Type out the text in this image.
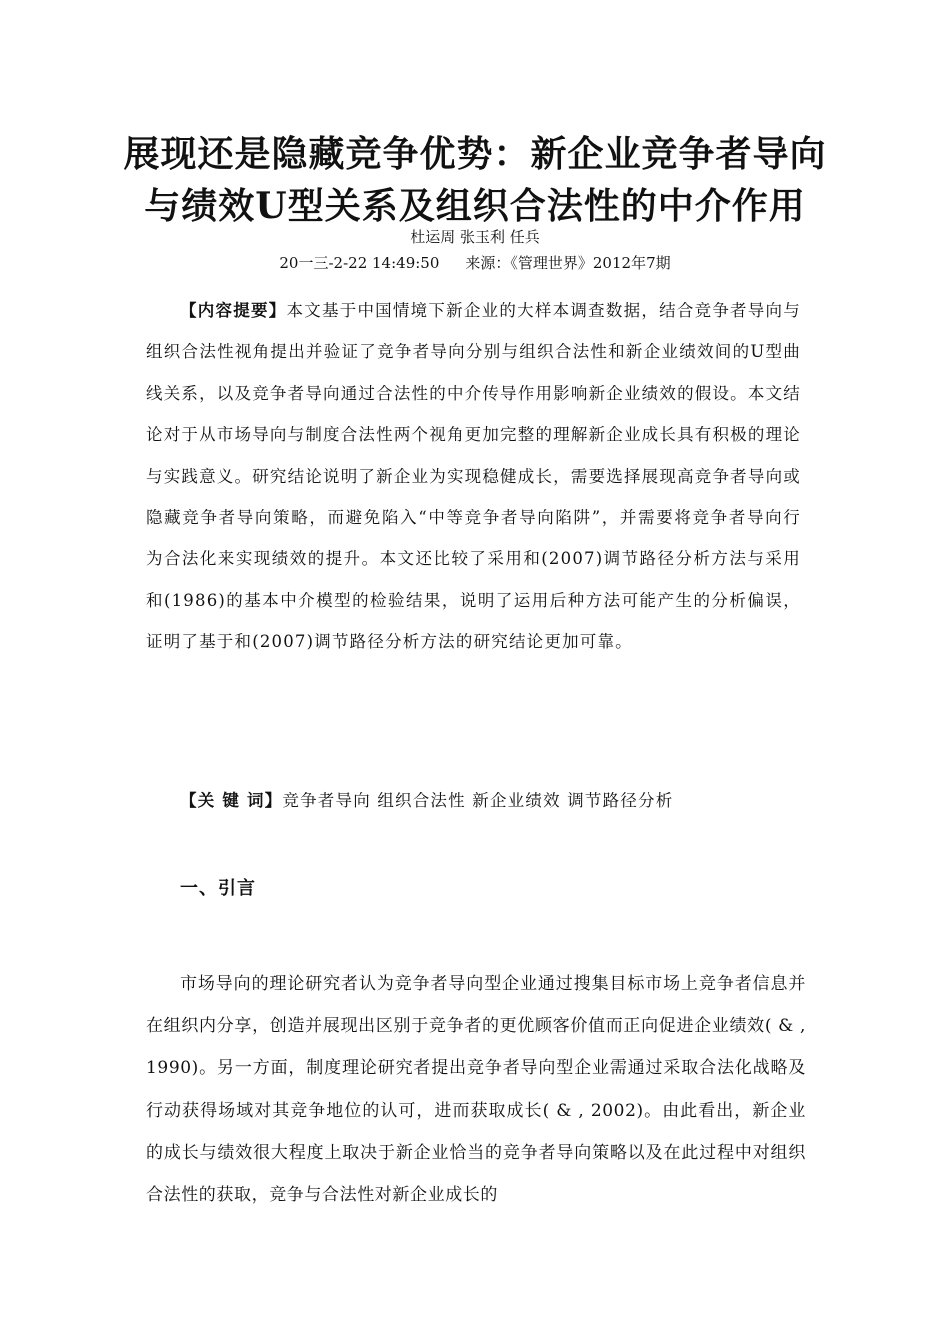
展现还是隐藏竞争优势：新企业竞争者导向
与绩效U型关系及组织合法性的中介作用
杜运周 张玉利 任兵
20一三-2-22 14:49:50 来源：《管理世界》2012年7期

【内容提要】本文基于中国情境下新企业的大样本调查数据，结合竞争者导向与组织合法性视角提出并验证了竞争者导向分别与组织合法性和新企业绩效间的U型曲线关系，以及竞争者导向通过合法性的中介传导作用影响新企业绩效的假设。本文结论对于从市场导向与制度合法性两个视角更加完整的理解新企业成长具有积极的理论与实践意义。研究结论说明了新企业为实现稳健成长，需要选择展现高竞争者导向或隐藏竞争者导向策略，而避免陷入“中等竞争者导向陷阱”，并需要将竞争者导向行为合法化来实现绩效的提升。本文还比较了采用和(2007)调节路径分析方法与采用和(1986)的基本中介模型的检验结果，说明了运用后种方法可能产生的分析偏误，证明了基于和(2007)调节路径分析方法的研究结论更加可靠。

【关 键 词】竞争者导向 组织合法性 新企业绩效 调节路径分析

一、引言

市场导向的理论研究者认为竞争者导向型企业通过搜集目标市场上竞争者信息并在组织内分享，创造并展现出区别于竞争者的更优顾客价值而正向促进企业绩效( & , 1990)。另一方面，制度理论研究者提出竞争者导向型企业需通过采取合法化战略及行动获得场域对其竞争地位的认可，进而获取成长( & , 2002)。由此看出，新企业的成长与绩效很大程度上取决于新企业恰当的竞争者导向策略以及在此过程中对组织合法性的获取，竞争与合法性对新企业成长的
